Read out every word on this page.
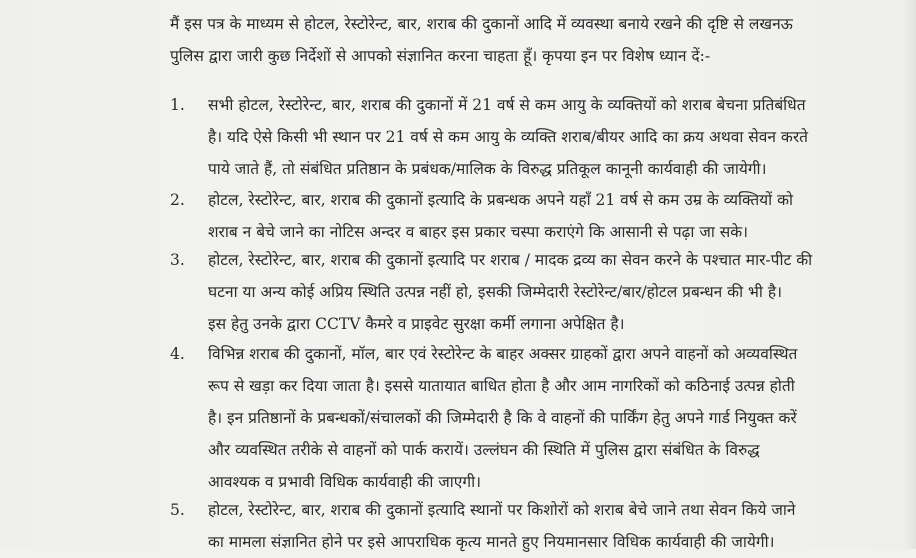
मैं इस पत्र के माध्यम से होटल, रेस्टोरेन्ट, बार, शराब की दुकानों आदि में व्यवस्था बनाये रखने की दृष्टि से लखनऊ
पुलिस द्वारा जारी कुछ निर्देशों से आपको संज्ञानित करना चाहता हूँ। कृपया इन पर विशेष ध्यान दें:-
1.	सभी होटल, रेस्टोरेन्ट, बार, शराब की दुकानों में 21 वर्ष से कम आयु के व्यक्तियों को शराब बेचना प्रतिबंधित
है। यदि ऐसे किसी भी स्थान पर 21 वर्ष से कम आयु के व्यक्ति शराब/बीयर आदि का क्रय अथवा सेवन करते
पाये जाते हैं, तो संबंधित प्रतिष्ठान के प्रबंधक/मालिक के विरुद्ध प्रतिकूल कानूनी कार्यवाही की जायेगी।
2.	होटल, रेस्टोरेन्ट, बार, शराब की दुकानों इत्यादि के प्रबन्धक अपने यहाँ 21 वर्ष से कम उम्र के व्यक्तियों को
शराब न बेचे जाने का नोटिस अन्दर व बाहर इस प्रकार चस्पा कराएंगे कि आसानी से पढ़ा जा सके।
3.	होटल, रेस्टोरेन्ट, बार, शराब की दुकानों इत्यादि पर शराब / मादक द्रव्य का सेवन करने के पश्चात मार-पीट की
घटना या अन्य कोई अप्रिय स्थिति उत्पन्न नहीं हो, इसकी जिम्मेदारी रेस्टोरेन्ट/बार/होटल प्रबन्धन की भी है।
इस हेतु उनके द्वारा CCTV कैमरे व प्राइवेट सुरक्षा कर्मी लगाना अपेक्षित है।
4.	विभिन्न शराब की दुकानों, मॉल, बार एवं रेस्टोरेन्ट के बाहर अक्सर ग्राहकों द्वारा अपने वाहनों को अव्यवस्थित
रूप से खड़ा कर दिया जाता है। इससे यातायात बाधित होता है और आम नागरिकों को कठिनाई उत्पन्न होती
है। इन प्रतिष्ठानों के प्रबन्धकों/संचालकों की जिम्मेदारी है कि वे वाहनों की पार्किंग हेतु अपने गार्ड नियुक्त करें
और व्यवस्थित तरीके से वाहनों को पार्क करायें। उल्लंघन की स्थिति में पुलिस द्वारा संबंधित के विरुद्ध
आवश्यक व प्रभावी विधिक कार्यवाही की जाएगी।
5.	होटल, रेस्टोरेन्ट, बार, शराब की दुकानों इत्यादि स्थानों पर किशोरों को शराब बेचे जाने तथा सेवन किये जाने
का मामला संज्ञानित होने पर इसे आपराधिक कृत्य मानते हुए नियमानसार विधिक कार्यवाही की जायेगी।
